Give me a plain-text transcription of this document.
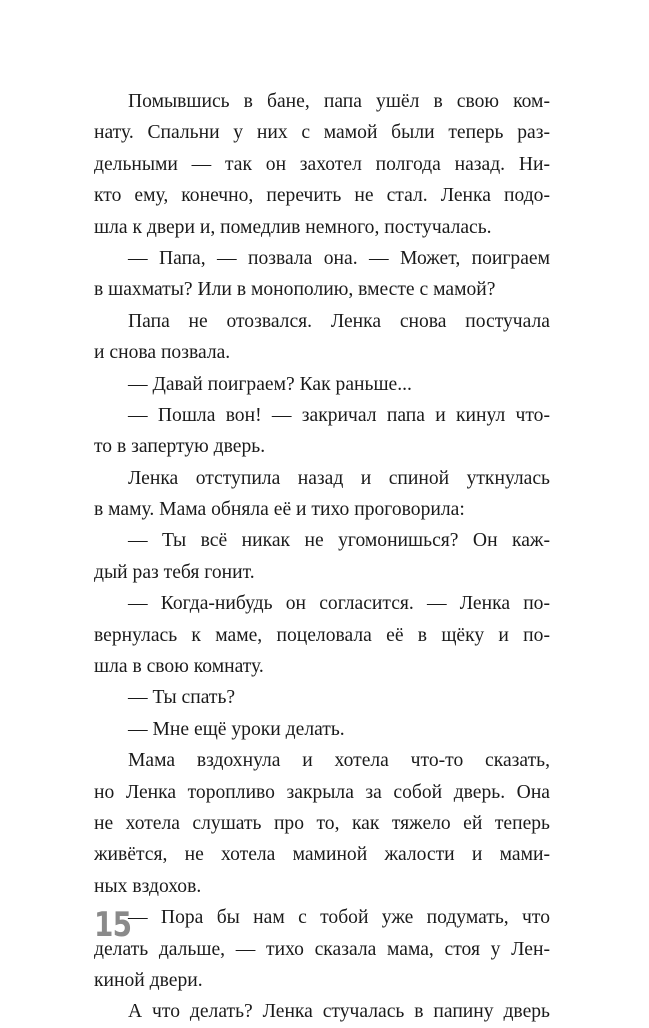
Помывшись в бане, папа ушёл в свою ком-
нату. Спальни у них с мамой были теперь раз-
дельными — так он захотел полгода назад. Ни-
кто ему, конечно, перечить не стал. Ленка подо-
шла к двери и, помедлив немного, постучалась.
— Папа, — позвала она. — Может, поиграем
в шахматы? Или в монополию, вместе с мамой?
Папа не отозвался. Ленка снова постучала
и снова позвала.
— Давай поиграем? Как раньше...
— Пошла вон! — закричал папа и кинул что-
то в запертую дверь.
Ленка отступила назад и спиной уткнулась
в маму. Мама обняла её и тихо проговорила:
— Ты всё никак не угомонишься? Он каж-
дый раз тебя гонит.
— Когда-нибудь он согласится. — Ленка по-
вернулась к маме, поцеловала её в щёку и по-
шла в свою комнату.
— Ты спать?
— Мне ещё уроки делать.
Мама вздохнула и хотела что-то сказать,
но Ленка торопливо закрыла за собой дверь. Она
не хотела слушать про то, как тяжело ей теперь
живётся, не хотела маминой жалости и мами-
ных вздохов.
— Пора бы нам с тобой уже подумать, что
делать дальше, — тихо сказала мама, стоя у Лен-
киной двери.
А что делать? Ленка стучалась в папину дверь
15
